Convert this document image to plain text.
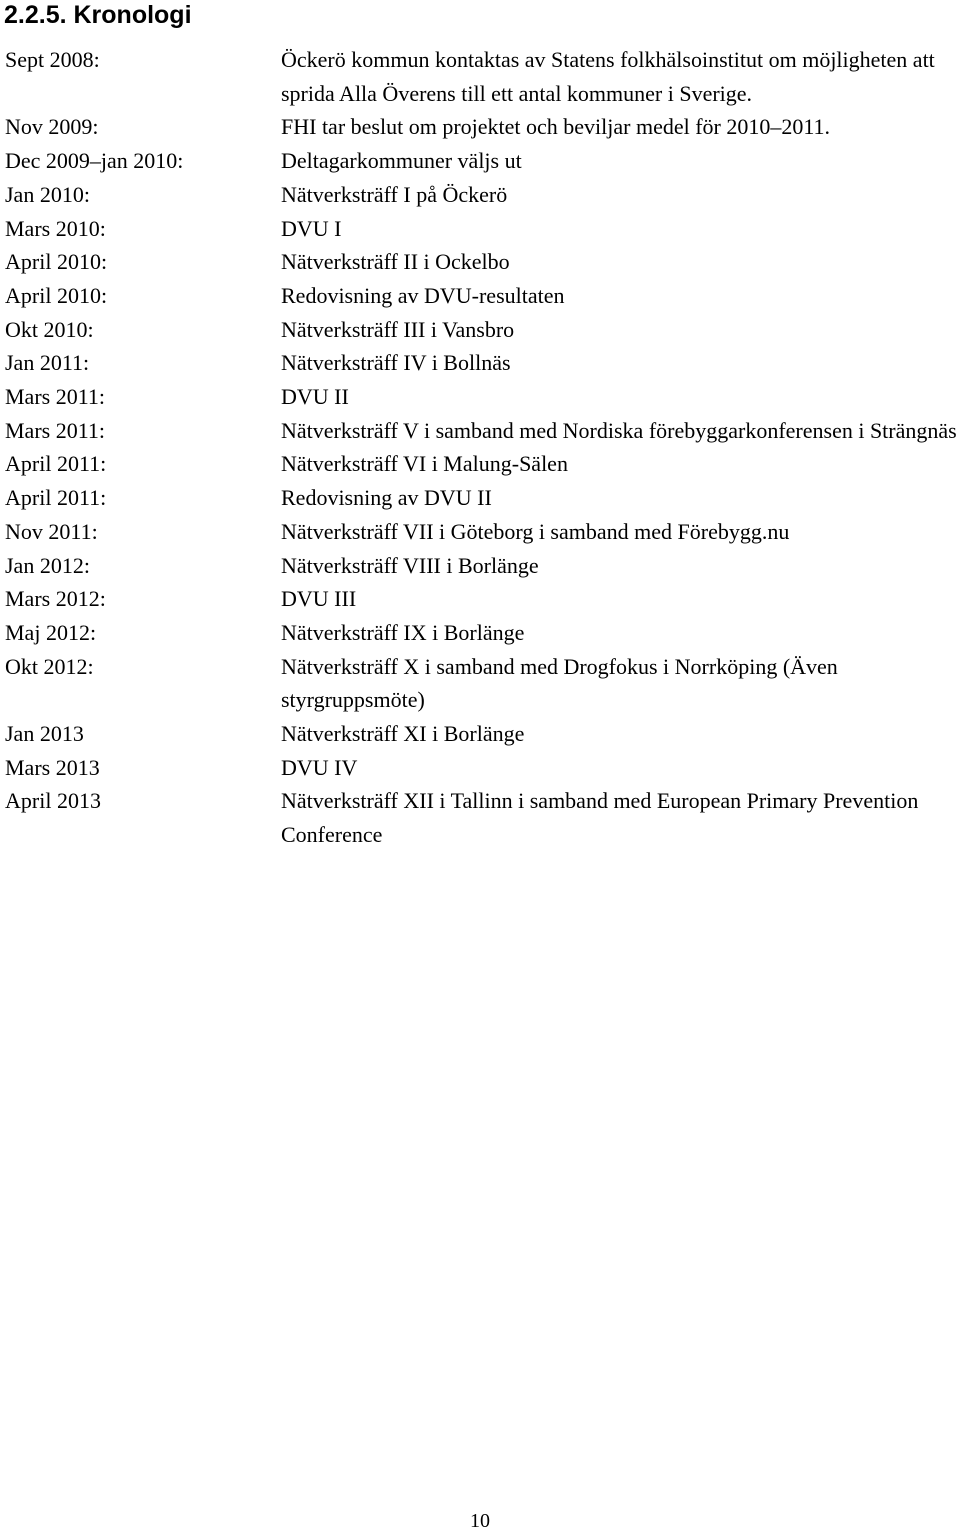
2.2.5. Kronologi
Sept 2008:	Öckerö kommun kontaktas av Statens folkhälsoinstitut om möjligheten att sprida Alla Överens till ett antal kommuner i Sverige.
Nov 2009:	FHI tar beslut om projektet och beviljar medel för 2010–2011.
Dec 2009–jan 2010:	Deltagarkommuner väljs ut
Jan 2010:	Nätverksträff I på Öckerö
Mars 2010:	DVU I
April 2010:	Nätverksträff II i Ockelbo
April 2010:	Redovisning av DVU-resultaten
Okt 2010:	Nätverksträff III i Vansbro
Jan 2011:	Nätverksträff IV i Bollnäs
Mars 2011:	DVU II
Mars 2011:	Nätverksträff V i samband med Nordiska förebyggarkonferensen i Strängnäs
April 2011:	Nätverksträff VI i Malung-Sälen
April 2011:	Redovisning av DVU II
Nov 2011:	Nätverksträff VII i Göteborg i samband med Förebygg.nu
Jan 2012:	Nätverksträff VIII i Borlänge
Mars 2012:	DVU III
Maj 2012:	Nätverksträff IX i Borlänge
Okt 2012:	Nätverksträff X i samband med Drogfokus i Norrköping (Även styrgruppsmöte)
Jan 2013	Nätverksträff XI i Borlänge
Mars 2013	DVU IV
April 2013	Nätverksträff XII i Tallinn i samband med European Primary Prevention Conference
10
